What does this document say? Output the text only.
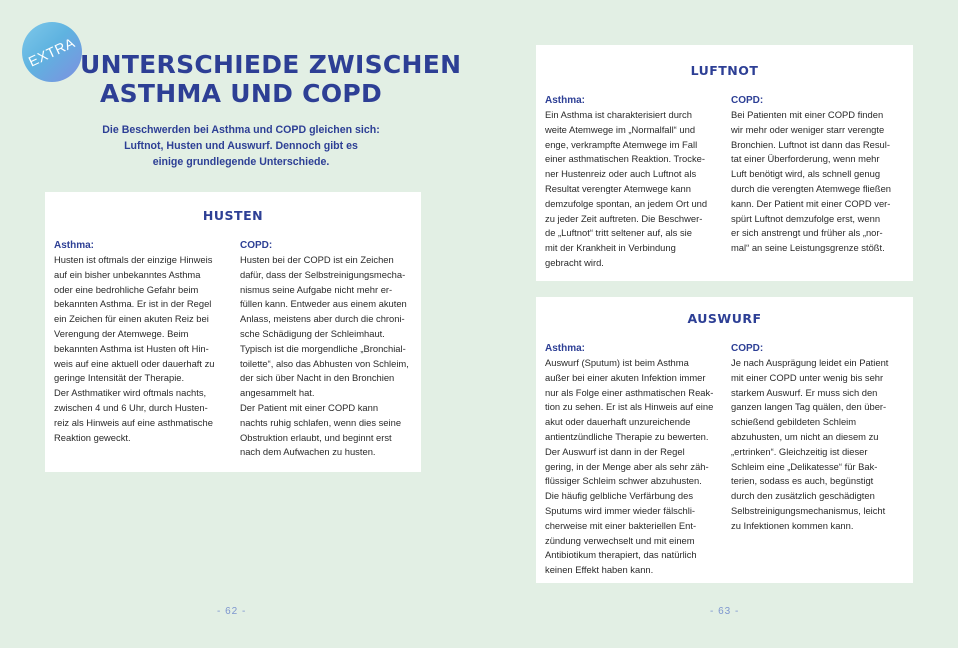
EXTRA UNTERSCHIEDE ZWISCHEN
ASTHMA UND COPD
Die Beschwerden bei Asthma und COPD gleichen sich:
Luftnot, Husten und Auswurf. Dennoch gibt es
einige grundlegende Unterschiede.
HUSTEN
Asthma:
Husten ist oftmals der einzige Hinweis
auf ein bisher unbekanntes Asthma
oder eine bedrohliche Gefahr beim
bekannten Asthma. Er ist in der Regel
ein Zeichen für einen akuten Reiz bei
Verengung der Atemwege. Beim
bekannten Asthma ist Husten oft Hin-
weis auf eine aktuell oder dauerhaft zu
geringe Intensität der Therapie.
Der Asthmatiker wird oftmals nachts,
zwischen 4 und 6 Uhr, durch Husten-
reiz als Hinweis auf eine asthmatische
Reaktion geweckt.
COPD:
Husten bei der COPD ist ein Zeichen
dafür, dass der Selbstreinigungsmecha-
nismus seine Aufgabe nicht mehr er-
füllen kann. Entweder aus einem akuten
Anlass, meistens aber durch die chroni-
sche Schädigung der Schleimhaut.
Typisch ist die morgendliche „Bronchial-
toilette“, also das Abhusten von Schleim,
der sich über Nacht in den Bronchien
angesammelt hat.
Der Patient mit einer COPD kann
nachts ruhig schlafen, wenn dies seine
Obstruktion erlaubt, und beginnt erst
nach dem Aufwachen zu husten.
LUFTNOT
Asthma:
Ein Asthma ist charakterisiert durch
weite Atemwege im „Normalfall“ und
enge, verkrampfte Atemwege im Fall
einer asthmatischen Reaktion. Trocke-
ner Hustenreiz oder auch Luftnot als
Resultat verengter Atemwege kann
demzufolge spontan, an jedem Ort und
zu jeder Zeit auftreten. Die Beschwer-
de „Luftnot“ tritt seltener auf, als sie
mit der Krankheit in Verbindung
gebracht wird.
COPD:
Bei Patienten mit einer COPD finden
wir mehr oder weniger starr verengte
Bronchien. Luftnot ist dann das Resul-
tat einer Überforderung, wenn mehr
Luft benötigt wird, als schnell genug
durch die verengten Atemwege fließen
kann. Der Patient mit einer COPD ver-
spürt Luftnot demzufolge erst, wenn
er sich anstrengt und früher als „nor-
mal“ an seine Leistungsgrenze stößt.
AUSWURF
Asthma:
Auswurf (Sputum) ist beim Asthma
außer bei einer akuten Infektion immer
nur als Folge einer asthmatischen Reak-
tion zu sehen. Er ist als Hinweis auf eine
akut oder dauerhaft unzureichende
antientzündliche Therapie zu bewerten.
Der Auswurf ist dann in der Regel
gering, in der Menge aber als sehr zäh-
flüssiger Schleim schwer abzuhusten.
Die häufig gelbliche Verfärbung des
Sputums wird immer wieder fälschli-
cherweise mit einer bakteriellen Ent-
zündung verwechselt und mit einem
Antibiotikum therapiert, das natürlich
keinen Effekt haben kann.
COPD:
Je nach Ausprägung leidet ein Patient
mit einer COPD unter wenig bis sehr
starkem Auswurf. Er muss sich den
ganzen langen Tag quälen, den über-
schießend gebildeten Schleim
abzuhusten, um nicht an diesem zu
„ertrinken“. Gleichzeitig ist dieser
Schleim eine „Delikatesse“ für Bak-
terien, sodass es auch, begünstigt
durch den zusätzlich geschädigten
Selbstreinigungsmechanismus, leicht
zu Infektionen kommen kann.
- 62 -	- 63 -
